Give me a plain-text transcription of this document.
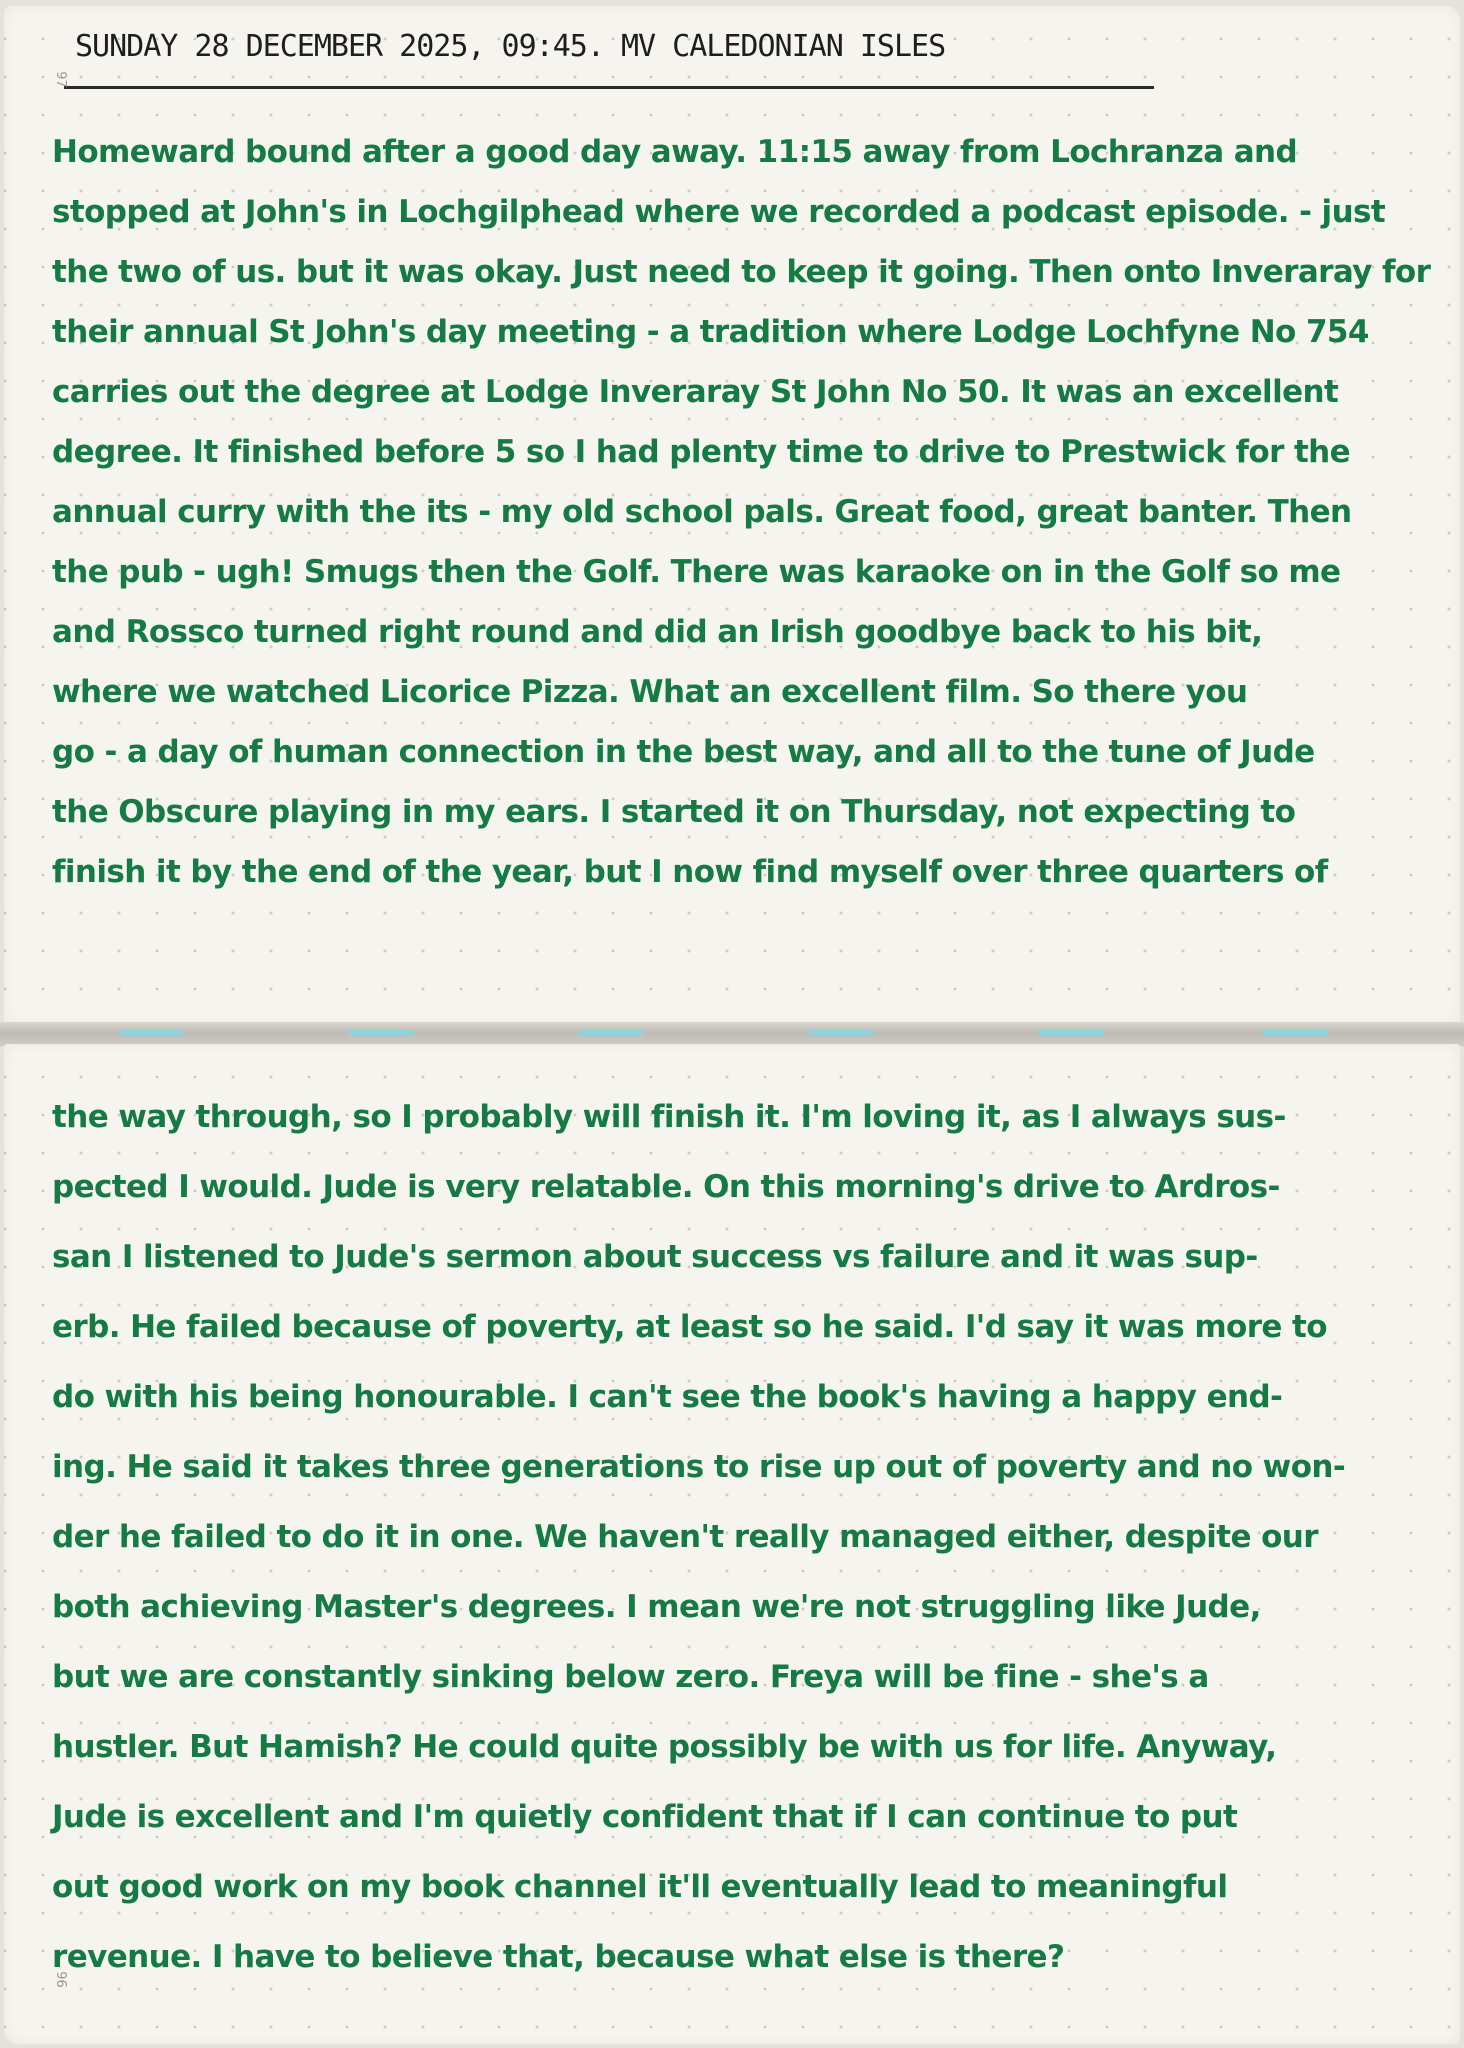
SUNDAY 28 DECEMBER 2025, 09:45. MV CALEDONIAN ISLES
97
Homeward bound after a good day away. 11:15 away from Lochranza and
stopped at John's in Lochgilphead where we recorded a podcast episode. - just
the two of us. but it was okay. Just need to keep it going. Then onto Inveraray for
their annual St John's day meeting - a tradition where Lodge Lochfyne No 754
carries out the degree at Lodge Inveraray St John No 50. It was an excellent
degree. It finished before 5 so I had plenty time to drive to Prestwick for the
annual curry with the its - my old school pals. Great food, great banter. Then
the pub - ugh! Smugs then the Golf. There was karaoke on in the Golf so me
and Rossco turned right round and did an Irish goodbye back to his bit,
where we watched Licorice Pizza. What an excellent film. So there you
go - a day of human connection in the best way, and all to the tune of Jude
the Obscure playing in my ears. I started it on Thursday, not expecting to
finish it by the end of the year, but I now find myself over three quarters of
the way through, so I probably will finish it. I'm loving it, as I always sus-
pected I would. Jude is very relatable. On this morning's drive to Ardros-
san I listened to Jude's sermon about success vs failure and it was sup-
erb. He failed because of poverty, at least so he said. I'd say it was more to
do with his being honourable. I can't see the book's having a happy end-
ing. He said it takes three generations to rise up out of poverty and no won-
der he failed to do it in one. We haven't really managed either, despite our
both achieving Master's degrees. I mean we're not struggling like Jude,
but we are constantly sinking below zero. Freya will be fine - she's a
hustler. But Hamish? He could quite possibly be with us for life. Anyway,
Jude is excellent and I'm quietly confident that if I can continue to put
out good work on my book channel it'll eventually lead to meaningful
revenue. I have to believe that, because what else is there?
96
